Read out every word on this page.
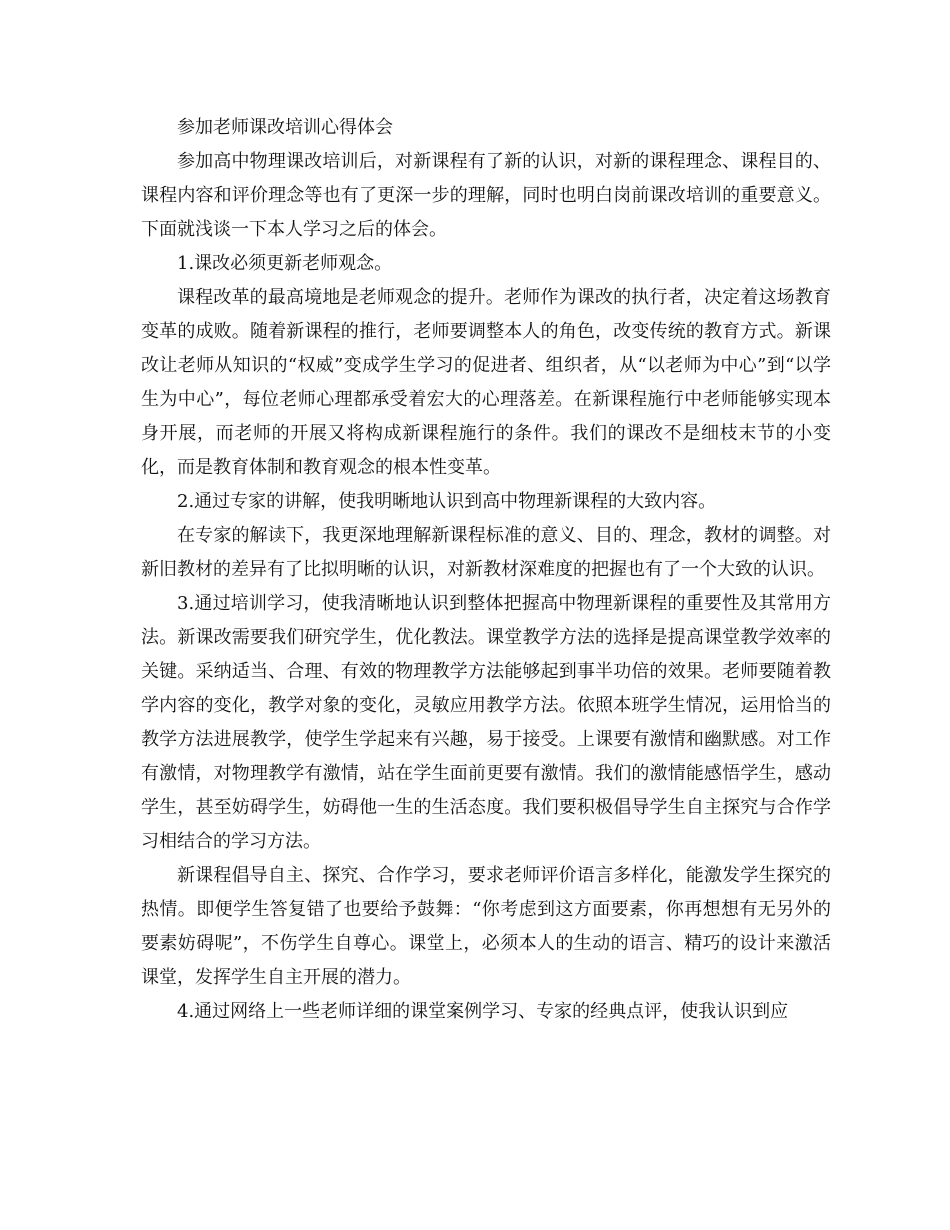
参加老师课改培训心得体会

参加高中物理课改培训后，对新课程有了新的认识，对新的课程理念、课程目的、课程内容和评价理念等也有了更深一步的理解，同时也明白岗前课改培训的重要意义。下面就浅谈一下本人学习之后的体会。

1.课改必须更新老师观念。

课程改革的最高境地是老师观念的提升。老师作为课改的执行者，决定着这场教育变革的成败。随着新课程的推行，老师要调整本人的角色，改变传统的教育方式。新课改让老师从知识的“权威”变成学生学习的促进者、组织者，从“以老师为中心”到“以学生为中心”，每位老师心理都承受着宏大的心理落差。在新课程施行中老师能够实现本身开展，而老师的开展又将构成新课程施行的条件。我们的课改不是细枝末节的小变化，而是教育体制和教育观念的根本性变革。

2.通过专家的讲解，使我明晰地认识到高中物理新课程的大致内容。

在专家的解读下，我更深地理解新课程标准的意义、目的、理念，教材的调整。对新旧教材的差异有了比拟明晰的认识，对新教材深难度的把握也有了一个大致的认识。

3.通过培训学习，使我清晰地认识到整体把握高中物理新课程的重要性及其常用方法。新课改需要我们研究学生，优化教法。课堂教学方法的选择是提高课堂教学效率的关键。采纳适当、合理、有效的物理教学方法能够起到事半功倍的效果。老师要随着教学内容的变化，教学对象的变化，灵敏应用教学方法。依照本班学生情况，运用恰当的教学方法进展教学，使学生学起来有兴趣，易于接受。上课要有激情和幽默感。对工作有激情，对物理教学有激情，站在学生面前更要有激情。我们的激情能感悟学生，感动学生，甚至妨碍学生，妨碍他一生的生活态度。我们要积极倡导学生自主探究与合作学习相结合的学习方法。

新课程倡导自主、探究、合作学习，要求老师评价语言多样化，能激发学生探究的热情。即便学生答复错了也要给予鼓舞：“你考虑到这方面要素，你再想想有无另外的要素妨碍呢”，不伤学生自尊心。课堂上，必须本人的生动的语言、精巧的设计来激活课堂，发挥学生自主开展的潜力。

4.通过网络上一些老师详细的课堂案例学习、专家的经典点评，使我认识到应
